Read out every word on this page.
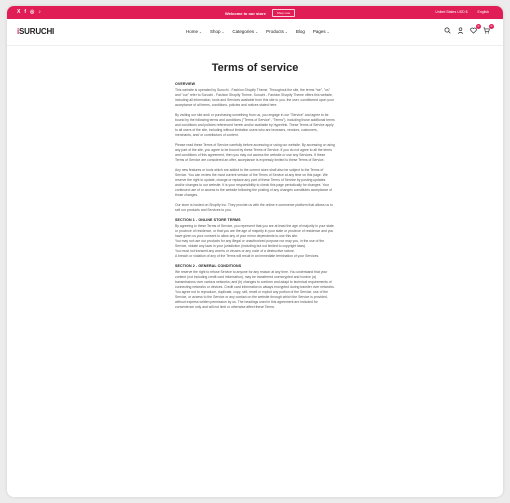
X f ◎ ♪	Welcome to our store	Shop now	United States USD $	English
iSURUCHI	Home ⌄ Shop ⌄ Categories ⌄ Products ⌄ Blog Pages ⌄
0	0
Terms of service
OVERVIEW

This website is operated by Suruchi - Fashion Shopify Theme. Throughout the site, the terms "we", "us" and "our" refer to Suruchi - Fashion Shopify Theme. Suruchi - Fashion Shopify Theme offers this website, including all information, tools and Services available from this site to you, the user, conditioned upon your acceptance of all terms, conditions, policies and notices stated here.

By visiting our site and/ or purchasing something from us, you engage in our "Service" and agree to be bound by the following terms and conditions ("Terms of Service", "Terms"), including those additional terms and conditions and policies referenced herein and/or available by hyperlink. These Terms of Service apply to all users of the site, including without limitation users who are browsers, vendors, customers, merchants, and/ or contributors of content.

Please read these Terms of Service carefully before accessing or using our website. By accessing or using any part of the site, you agree to be bound by these Terms of Service. If you do not agree to all the terms and conditions of this agreement, then you may not access the website or use any Services. If these Terms of Service are considered an offer, acceptance is expressly limited to these Terms of Service.

Any new features or tools which are added to the current store shall also be subject to the Terms of Service. You can review the most current version of the Terms of Service at any time on this page. We reserve the right to update, change or replace any part of these Terms of Service by posting updates and/or changes to our website. It is your responsibility to check this page periodically for changes. Your continued use of or access to the website following the posting of any changes constitutes acceptance of those changes.

Our store is hosted on Shopify Inc. They provide us with the online e-commerce platform that allows us to sell our products and Services to you.

SECTION 1 - ONLINE STORE TERMS

By agreeing to these Terms of Service, you represent that you are at least the age of majority in your state or province of residence, or that you are the age of majority in your state or province of residence and you have given us your consent to allow any of your minor dependents to use this site.

You may not use our products for any illegal or unauthorized purpose nor may you, in the use of the Service, violate any laws in your jurisdiction (including but not limited to copyright laws).

You must not transmit any worms or viruses or any code of a destructive nature.

A breach or violation of any of the Terms will result in an immediate termination of your Services.

SECTION 2 - GENERAL CONDITIONS

We reserve the right to refuse Service to anyone for any reason at any time. You understand that your content (not including credit card information), may be transferred unencrypted and involve (a) transmissions over various networks; and (b) changes to conform and adapt to technical requirements of connecting networks or devices. Credit card information is always encrypted during transfer over networks. You agree not to reproduce, duplicate, copy, sell, resell or exploit any portion of the Service, use of the Service, or access to the Service or any contact on the website through which the Service is provided, without express written permission by us. The headings used in this agreement are included for convenience only and will not limit or otherwise affect these Terms.
